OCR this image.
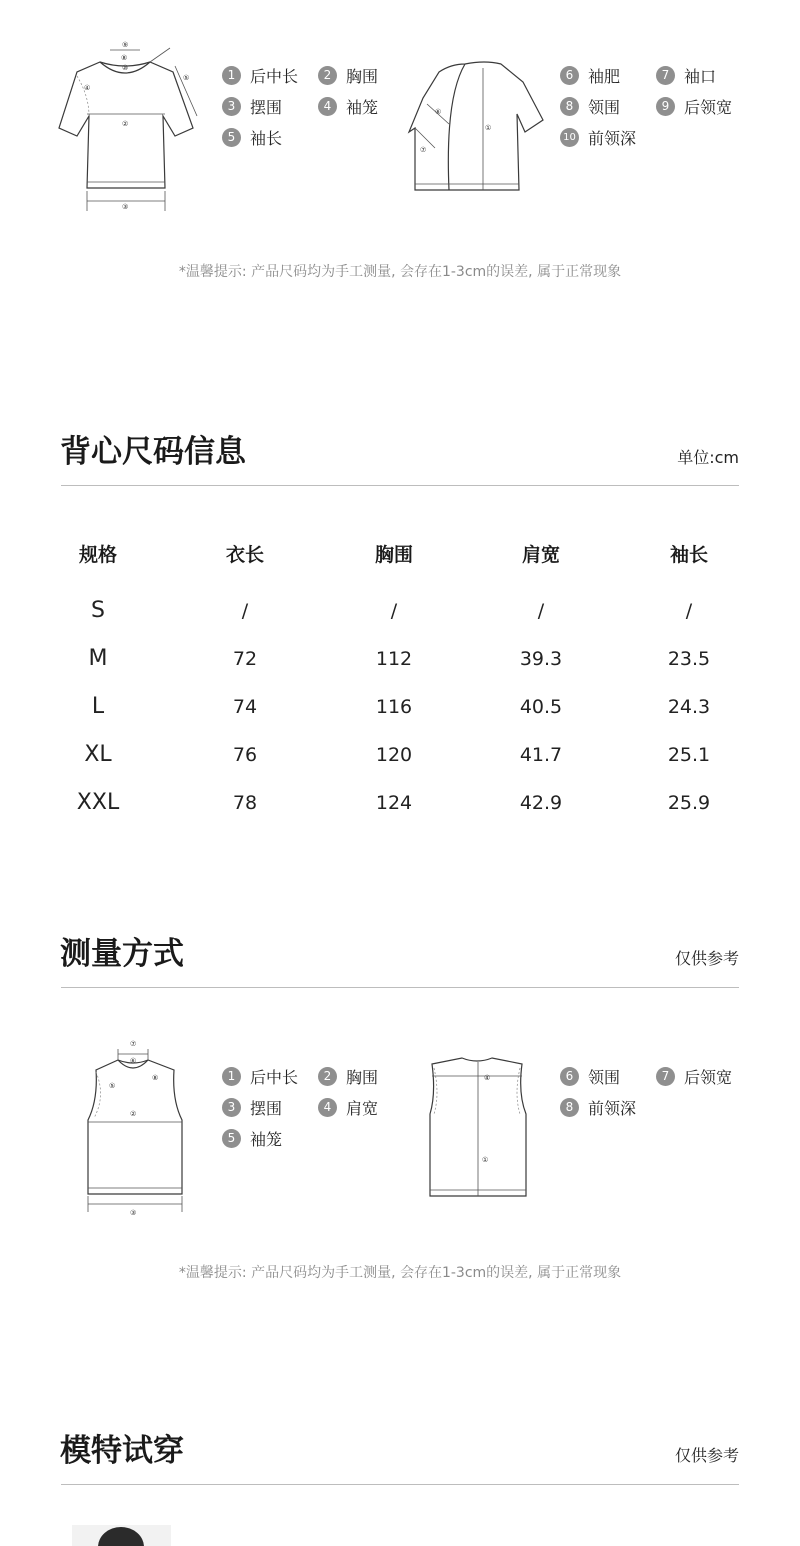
⑨
⑧
⑩
④
②
⑤
③
1 后中长	2 胸围
3 摆围	4 袖笼
5 袖长
①
⑥
⑦
6 袖肥	7 袖口
8 领围	9 后领宽
10 前领深
*温馨提示: 产品尺码均为手工测量, 会存在1-3cm的误差, 属于正常现象
背心尺码信息	单位:cm
规格	衣长	胸围	肩宽	袖长
S	/	/	/	/
M	72	112	39.3	23.5
L	74	116	40.5	24.3
XL	76	120	41.7	25.1
XXL	78	124	42.9	25.9
测量方式	仅供参考
⑦
⑥
⑧
⑤
②
③
1 后中长	2 胸围
3 摆围	4 肩宽
5 袖笼
④
①
6 领围	7 后领宽
8 前领深
*温馨提示: 产品尺码均为手工测量, 会存在1-3cm的误差, 属于正常现象
模特试穿	仅供参考
